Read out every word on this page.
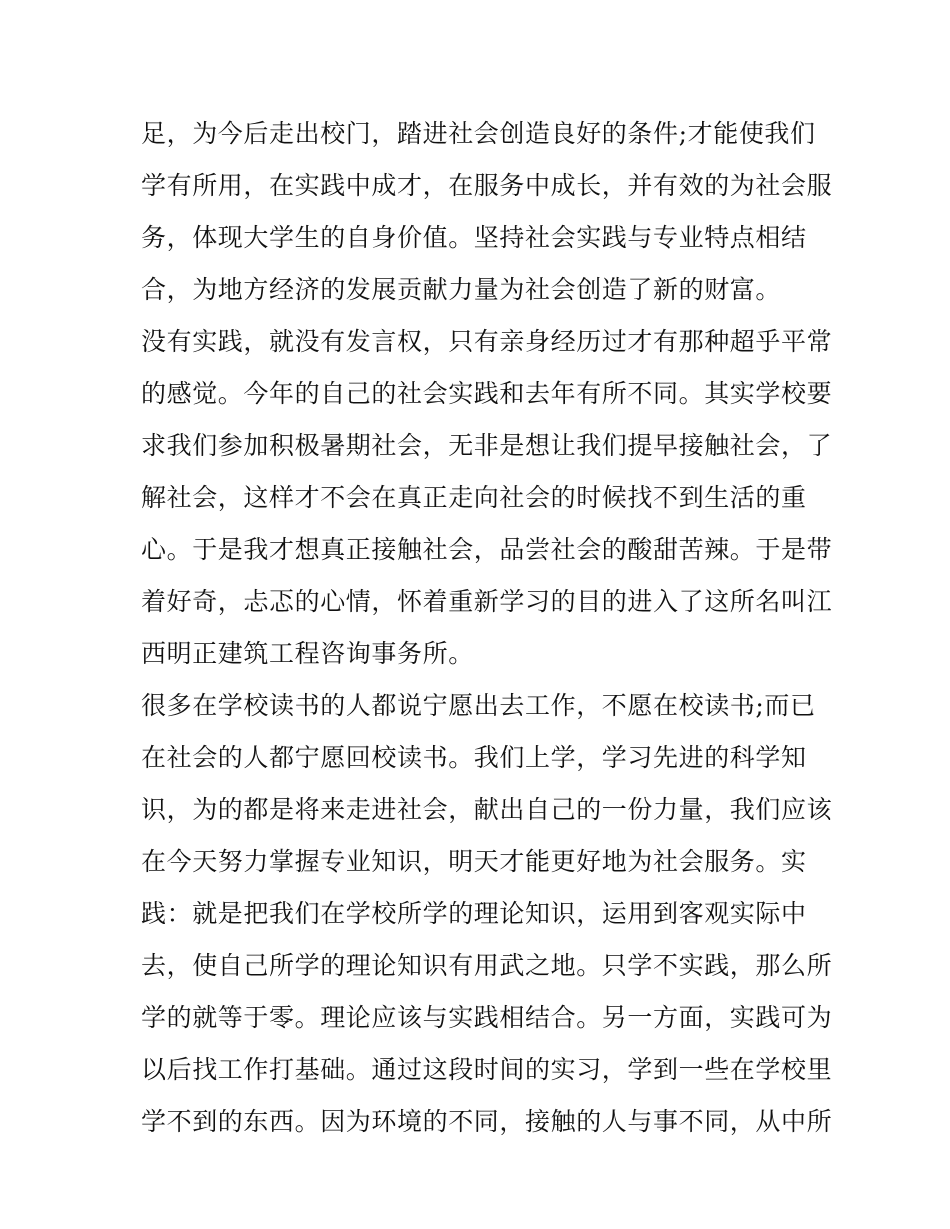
足，为今后走出校门，踏进社会创造良好的条件;才能使我们
学有所用，在实践中成才，在服务中成长，并有效的为社会服
务，体现大学生的自身价值。坚持社会实践与专业特点相结
合，为地方经济的发展贡献力量为社会创造了新的财富。
没有实践，就没有发言权，只有亲身经历过才有那种超乎平常
的感觉。今年的自己的社会实践和去年有所不同。其实学校要
求我们参加积极暑期社会，无非是想让我们提早接触社会，了
解社会，这样才不会在真正走向社会的时候找不到生活的重
心。于是我才想真正接触社会，品尝社会的酸甜苦辣。于是带
着好奇，忐忑的心情，怀着重新学习的目的进入了这所名叫江
西明正建筑工程咨询事务所。
很多在学校读书的人都说宁愿出去工作，不愿在校读书;而已
在社会的人都宁愿回校读书。我们上学，学习先进的科学知
识，为的都是将来走进社会，献出自己的一份力量，我们应该
在今天努力掌握专业知识，明天才能更好地为社会服务。实
践：就是把我们在学校所学的理论知识，运用到客观实际中
去，使自己所学的理论知识有用武之地。只学不实践，那么所
学的就等于零。理论应该与实践相结合。另一方面，实践可为
以后找工作打基础。通过这段时间的实习，学到一些在学校里
学不到的东西。因为环境的不同，接触的人与事不同，从中所
